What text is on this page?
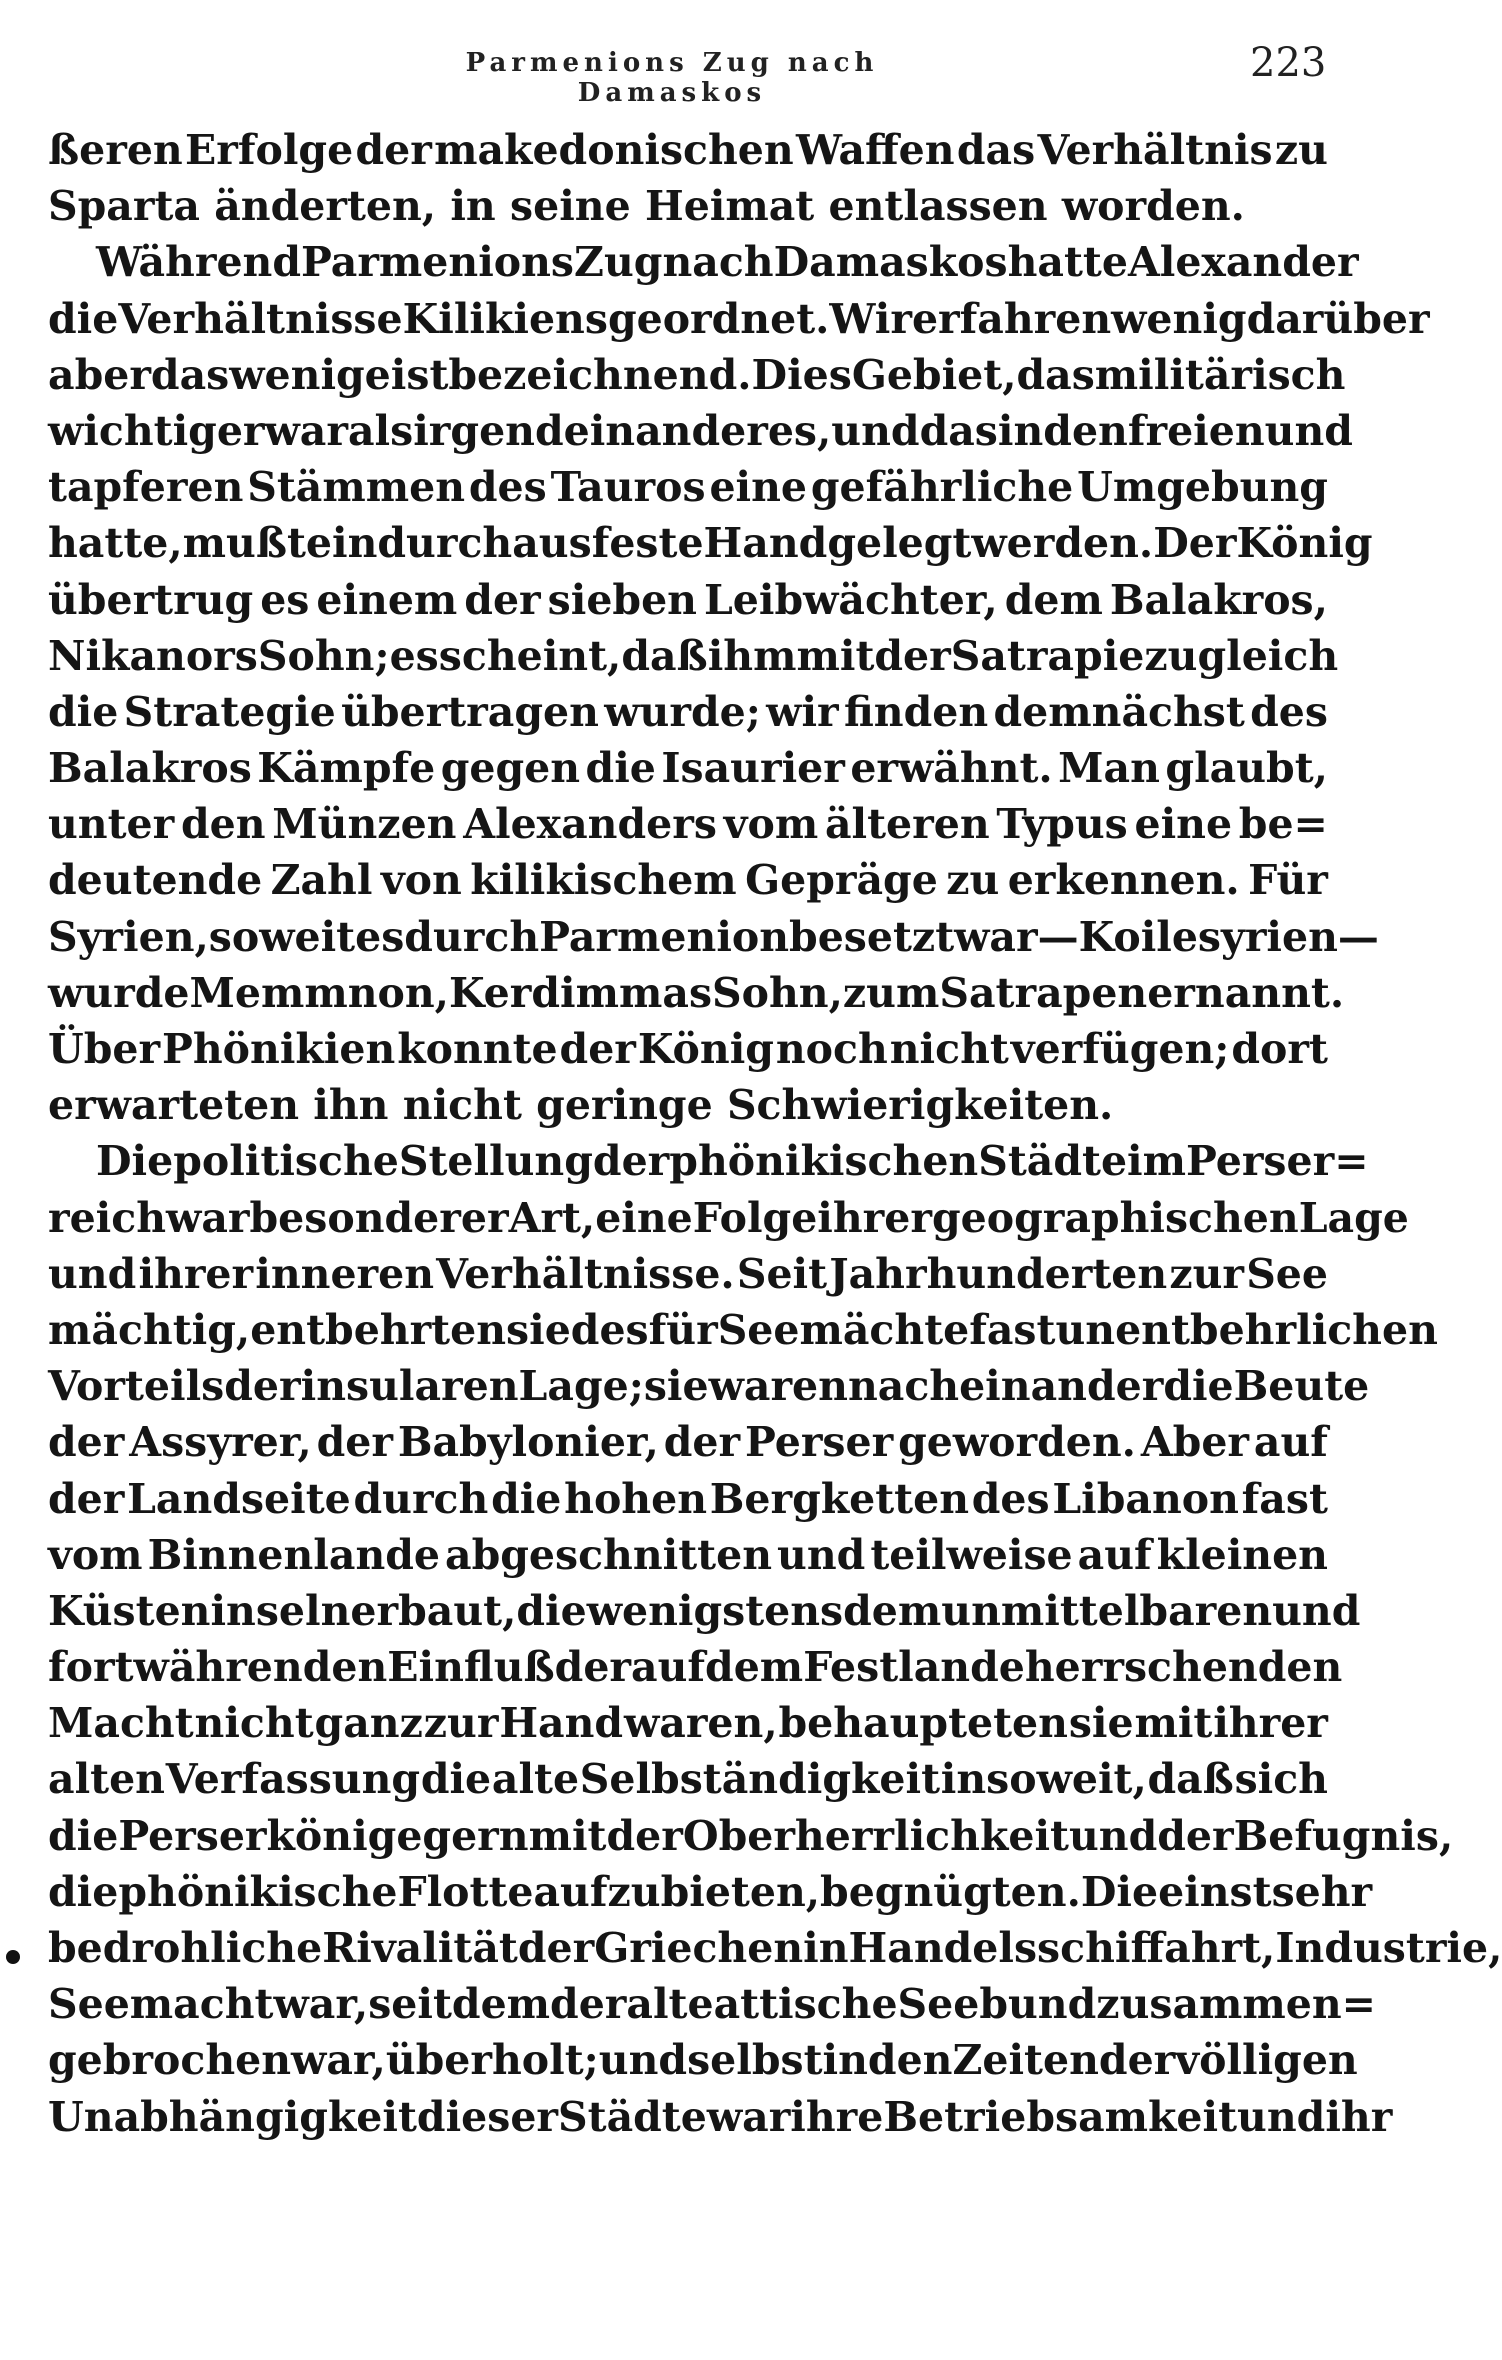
Parmenions Zug nach Damaskos
223
ßeren Erfolge der makedonischen Waffen das Verhältnis zu
Sparta
änderten,
in
seine
Heimat
entlassen
worden.

Während Parmenions Zug nach Damaskos hatte Alexander
die Verhältnisse Kilikiens geordnet. Wir erfahren wenig darüber
aber das wenige ist bezeichnend. Dies Gebiet, das militärisch
wichtiger war als irgendein anderes, und das in den freien und
tapferen Stämmen des Tauros eine gefährliche Umgebung
hatte, mußte in durchaus feste Hand gelegt werden. Der König
übertrug es einem der sieben Leibwächter, dem Balakros,
Nikanors Sohn; es scheint, daß ihm mit der Satrapie zugleich
die Strategie übertragen wurde; wir finden demnächst des
Balakros Kämpfe gegen die Isaurier erwähnt. Man glaubt,
unter den Münzen Alexanders vom älteren Typus eine be=
deutende Zahl von kilikischem Gepräge zu erkennen. Für
Syrien, soweit es durch Parmenion besetzt war — Koilesyrien —
wurde Memmnon, Kerdimmas Sohn, zum Satrapen ernannt.
Über Phönikien konnte der König noch nicht verfügen; dort
erwarteten
ihn
nicht
geringe
Schwierigkeiten.

Die politische Stellung der phönikischen Städte im Perser=
reich war besonderer Art, eine Folge ihrer geographischen Lage
und ihrer inneren Verhältnisse. Seit Jahrhunderten zur See
mächtig, entbehrten sie des für Seemächte fast unentbehrlichen
Vorteils der insularen Lage; sie waren nacheinander die Beute
der Assyrer, der Babylonier, der Perser geworden. Aber auf
der Landseite durch die hohen Bergketten des Libanon fast
vom Binnenlande abgeschnitten und teilweise auf kleinen
Küsteninseln erbaut, die wenigstens dem unmittelbaren und
fortwährenden Einfluß der auf dem Festlande herrschenden
Macht nicht ganz zur Hand waren, behaupteten sie mit ihrer
alten Verfassung die alte Selbständigkeit insoweit, daß sich
die Perserkönige gern mit der Oberherrlichkeit und der Befugnis,
die phönikische Flotte aufzubieten, begnügten. Die einst sehr
bedrohliche Rivalität der Griechen in Handelsschiffahrt, Industrie,
Seemacht war, seitdem der alte attische Seebund zusammen=
gebrochen war, überholt; und selbst in den Zeiten der völligen
Unabhängigkeit dieser Städte war ihre Betriebsamkeit und ihr
